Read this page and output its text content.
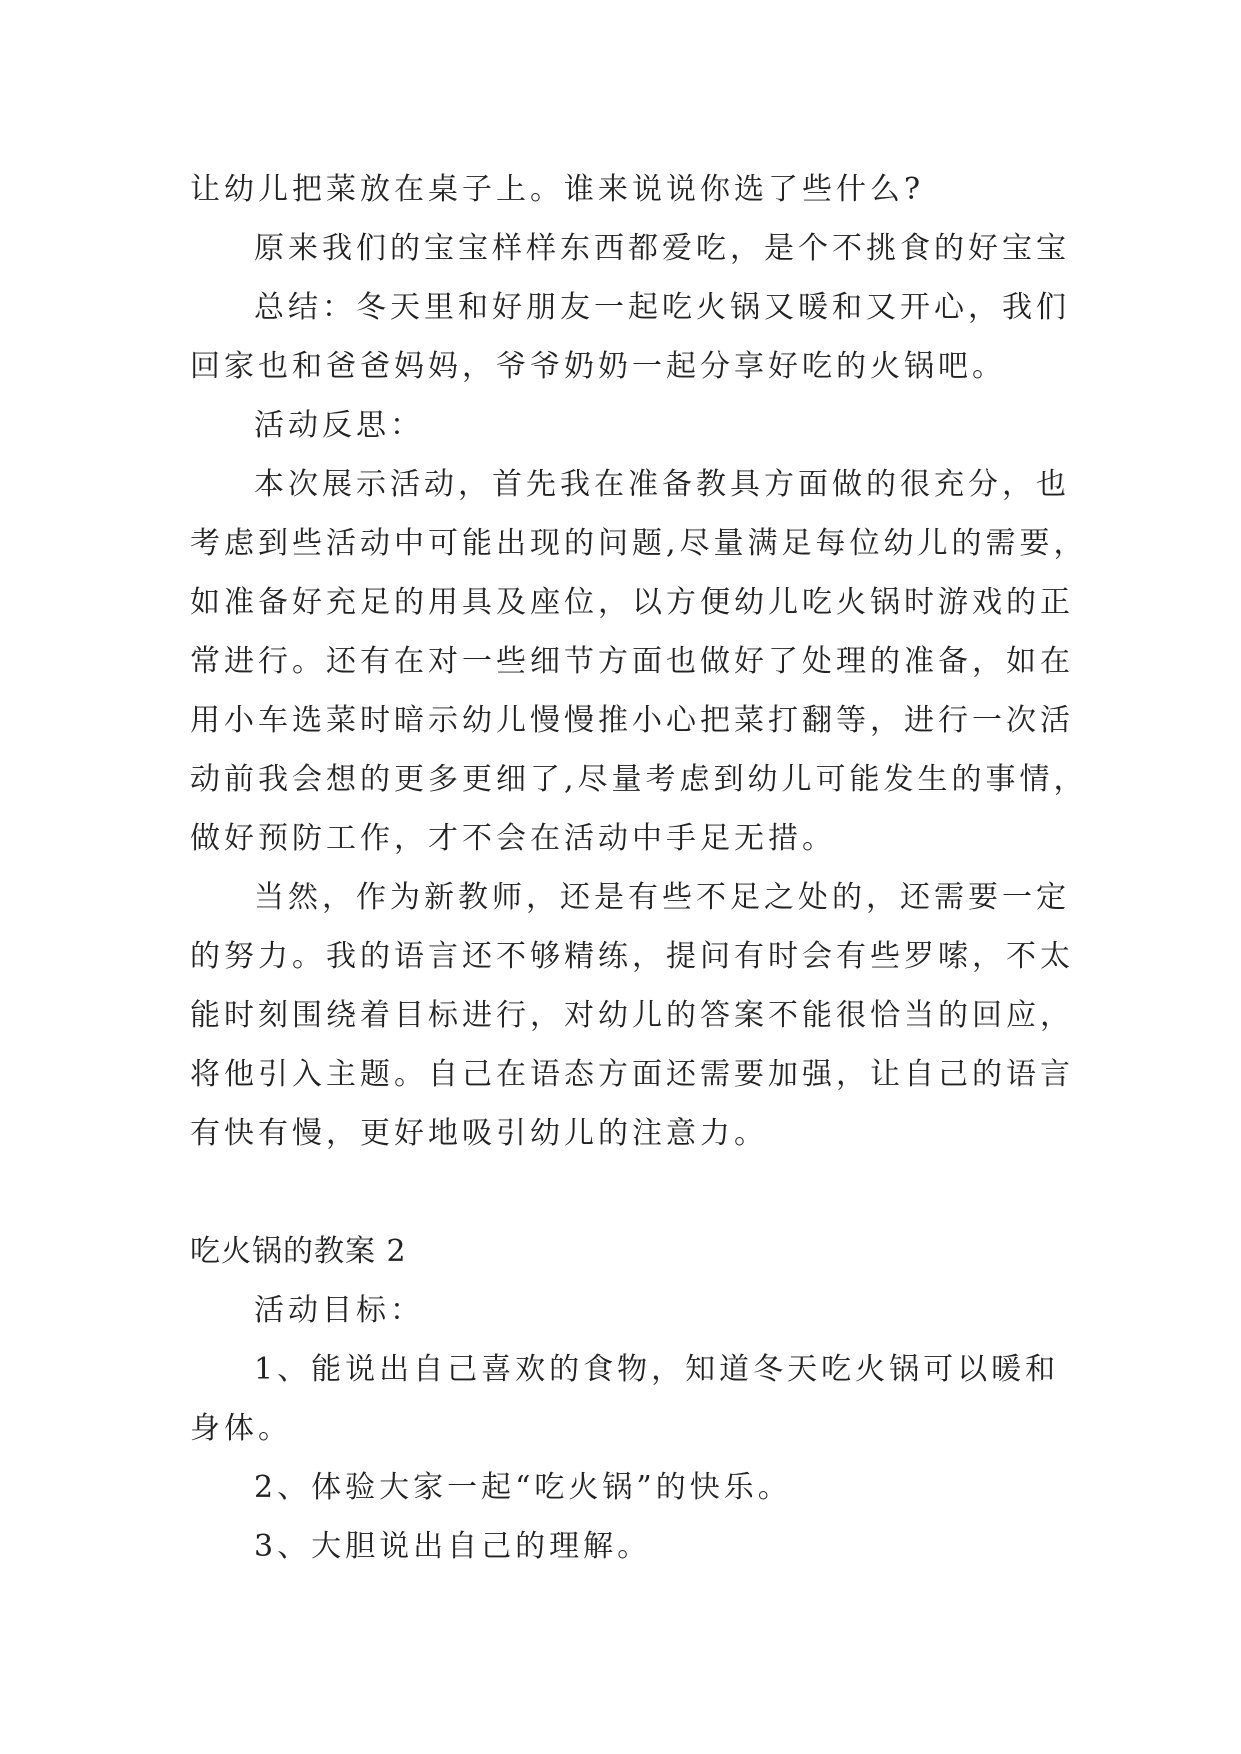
让幼儿把菜放在桌子上。谁来说说你选了些什么?

原来我们的宝宝样样东西都爱吃，是个不挑食的好宝宝

总结：冬天里和好朋友一起吃火锅又暖和又开心，我们

回家也和爸爸妈妈，爷爷奶奶一起分享好吃的火锅吧。

活动反思：

本次展示活动，首先我在准备教具方面做的很充分，也

考虑到些活动中可能出现的问题,尽量满足每位幼儿的需要，

如准备好充足的用具及座位，以方便幼儿吃火锅时游戏的正

常进行。还有在对一些细节方面也做好了处理的准备，如在

用小车选菜时暗示幼儿慢慢推小心把菜打翻等，进行一次活

动前我会想的更多更细了,尽量考虑到幼儿可能发生的事情，

做好预防工作，才不会在活动中手足无措。

当然，作为新教师，还是有些不足之处的，还需要一定

的努力。我的语言还不够精练，提问有时会有些罗嗦，不太

能时刻围绕着目标进行，对幼儿的答案不能很恰当的回应，

将他引入主题。自己在语态方面还需要加强，让自己的语言

有快有慢，更好地吸引幼儿的注意力。

吃火锅的教案 2

活动目标：

1、能说出自己喜欢的食物，知道冬天吃火锅可以暖和

身体。

2、体验大家一起“吃火锅”的快乐。

3、大胆说出自己的理解。
